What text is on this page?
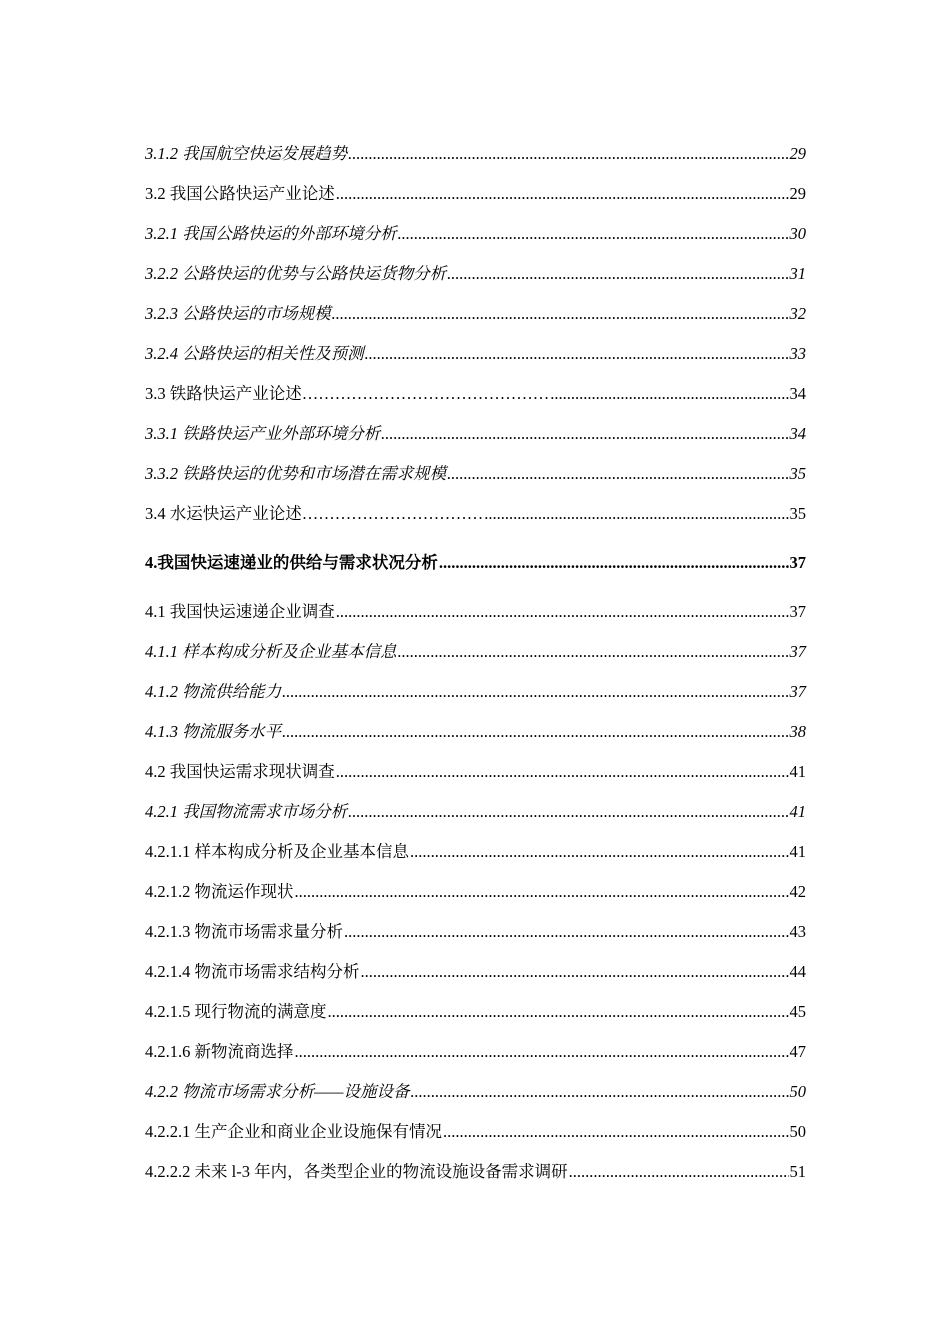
3.1.2 我国航空快运发展趋势 .....	29
3.2 我国公路快运产业论述 .....	29
3.2.1 我国公路快运的外部环境分析 .....	30
3.2.2 公路快运的优势与公路快运货物分析 .....	31
3.2.3 公路快运的市场规模 .....	32
3.2.4 公路快运的相关性及预测 .....	33
3.3 铁路快运产业论述……………………………………… .....	34
3.3.1 铁路快运产业外部环境分析 .....	34
3.3.2 铁路快运的优势和市场潜在需求规模 .....	35
3.4 水运快运产业论述…………………………… .....	35
4.我国快运速递业的供给与需求状况分析 .....	37
4.1 我国快运速递企业调查 .....	37
4.1.1 样本构成分析及企业基本信息 .....	37
4.1.2 物流供给能力 .....	37
4.1.3 物流服务水平 .....	38
4.2 我国快运需求现状调查 .....	41
4.2.1 我国物流需求市场分析 .....	41
4.2.1.1 样本构成分析及企业基本信息 .....	41
4.2.1.2 物流运作现状 .....	42
4.2.1.3 物流市场需求量分析 .....	43
4.2.1.4 物流市场需求结构分析 .....	44
4.2.1.5 现行物流的满意度 .....	45
4.2.1.6 新物流商选择 .....	47
4.2.2 物流市场需求分析——设施设备 .....	50
4.2.2.1 生产企业和商业企业设施保有情况 .....	50
4.2.2.2 未来 l-3 年内，各类型企业的物流设施设备需求调研 .....	51
